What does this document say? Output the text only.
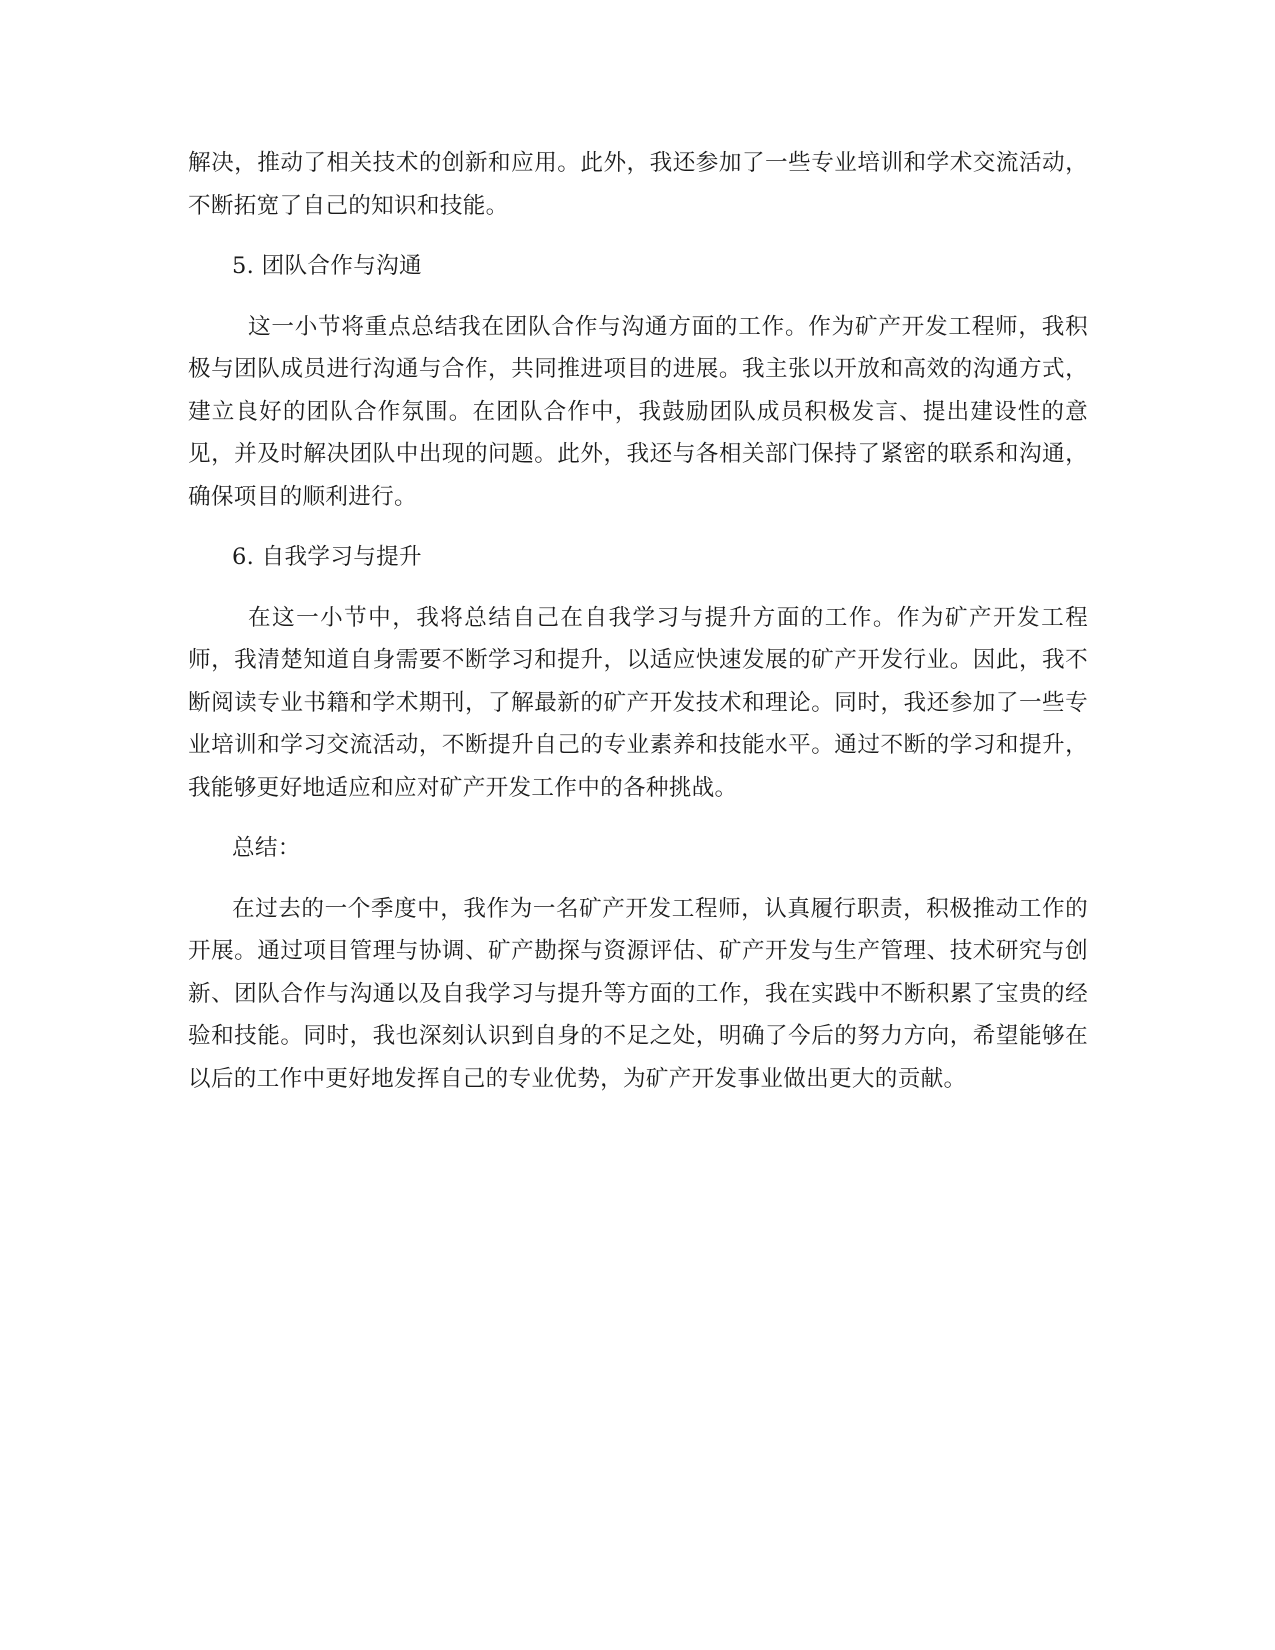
解决，推动了相关技术的创新和应用。此外，我还参加了一些专业培训和学术交流活动，不断拓宽了自己的知识和技能。

5. 团队合作与沟通

这一小节将重点总结我在团队合作与沟通方面的工作。作为矿产开发工程师，我积极与团队成员进行沟通与合作，共同推进项目的进展。我主张以开放和高效的沟通方式，建立良好的团队合作氛围。在团队合作中，我鼓励团队成员积极发言、提出建设性的意见，并及时解决团队中出现的问题。此外，我还与各相关部门保持了紧密的联系和沟通，确保项目的顺利进行。

6. 自我学习与提升

在这一小节中，我将总结自己在自我学习与提升方面的工作。作为矿产开发工程师，我清楚知道自身需要不断学习和提升，以适应快速发展的矿产开发行业。因此，我不断阅读专业书籍和学术期刊，了解最新的矿产开发技术和理论。同时，我还参加了一些专业培训和学习交流活动，不断提升自己的专业素养和技能水平。通过不断的学习和提升，我能够更好地适应和应对矿产开发工作中的各种挑战。

总结：

在过去的一个季度中，我作为一名矿产开发工程师，认真履行职责，积极推动工作的开展。通过项目管理与协调、矿产勘探与资源评估、矿产开发与生产管理、技术研究与创新、团队合作与沟通以及自我学习与提升等方面的工作，我在实践中不断积累了宝贵的经验和技能。同时，我也深刻认识到自身的不足之处，明确了今后的努力方向，希望能够在以后的工作中更好地发挥自己的专业优势，为矿产开发事业做出更大的贡献。
